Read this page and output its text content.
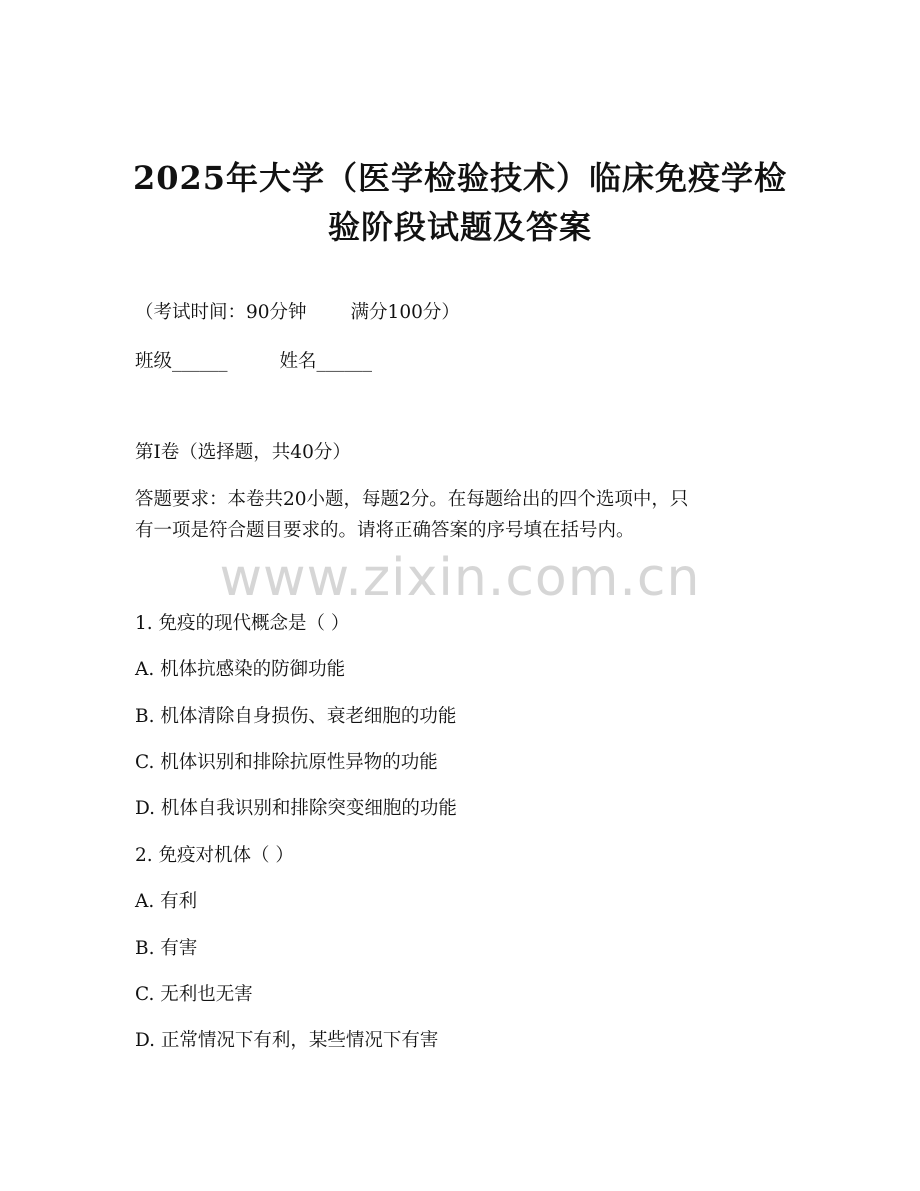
2025年大学（医学检验技术）临床免疫学检
验阶段试题及答案
（考试时间：90分钟 满分100分）
班级______	姓名______
第I卷（选择题，共40分）
答题要求：本卷共20小题，每题2分。在每题给出的四个选项中，只
有一项是符合题目要求的。请将正确答案的序号填在括号内。
www.zixin.com.cn
1. 免疫的现代概念是（ ）
A. 机体抗感染的防御功能
B. 机体清除自身损伤、衰老细胞的功能
C. 机体识别和排除抗原性异物的功能
D. 机体自我识别和排除突变细胞的功能
2. 免疫对机体（ ）
A. 有利
B. 有害
C. 无利也无害
D. 正常情况下有利，某些情况下有害
